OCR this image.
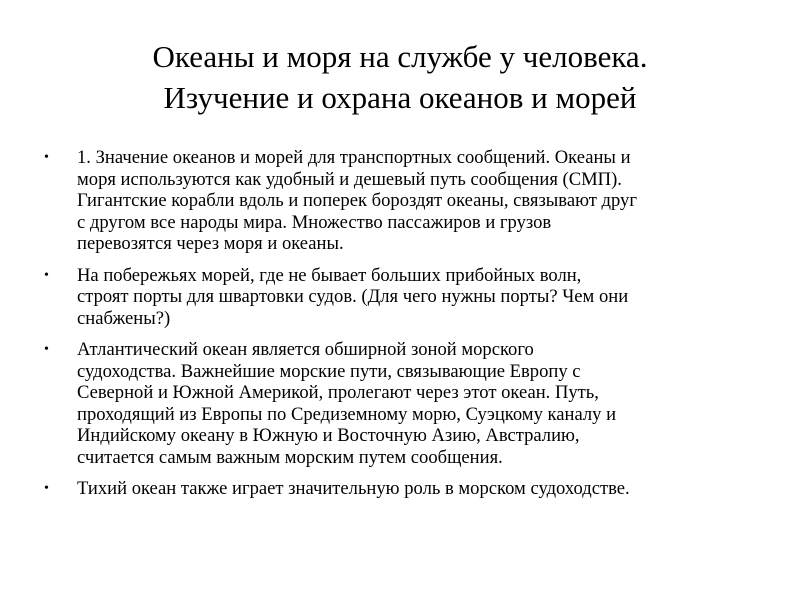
Океаны и моря на службе у человека.
Изучение и охрана океанов и морей
• 1. Значение океанов и морей для транспортных сообщений. Океаны и
моря используются как удобный и дешевый путь сообщения (СМП).
Гигантские корабли вдоль и поперек бороздят океаны, связывают друг
с другом все народы мира. Множество пассажиров и грузов
перевозятся через моря и океаны.
• На побережьях морей, где не бывает больших прибойных волн,
строят порты для швартовки судов. (Для чего нужны порты? Чем они
снабжены?)
• Атлантический океан является обширной зоной морского
судоходства. Важнейшие морские пути, связывающие Европу с
Северной и Южной Америкой, пролегают через этот океан. Путь,
проходящий из Европы по Средиземному морю, Суэцкому каналу и
Индийскому океану в Южную и Восточную Азию, Австралию,
считается самым важным морским путем сообщения.
• Тихий океан также играет значительную роль в морском судоходстве.
